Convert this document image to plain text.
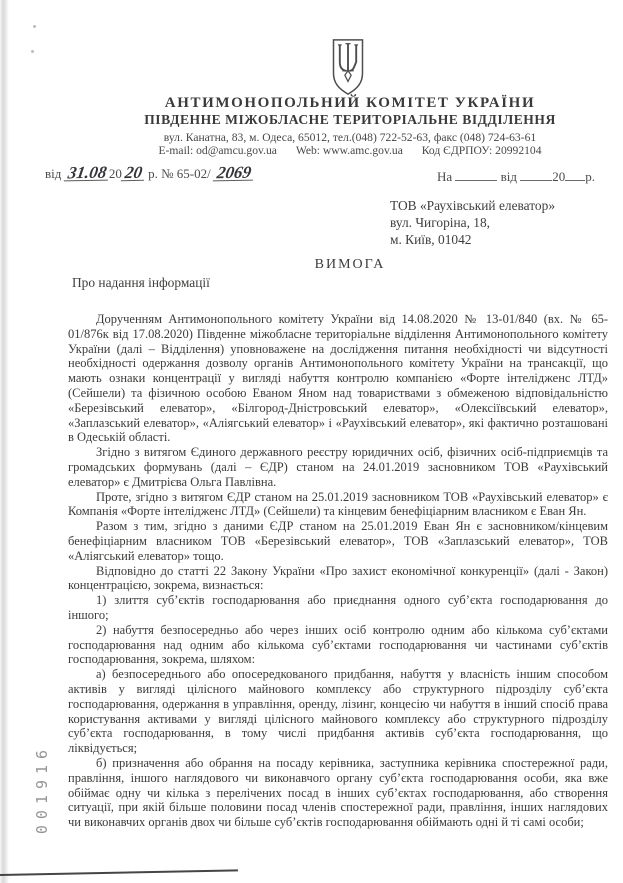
АНТИМОНОПОЛЬНИЙ КОМІТЕТ УКРАЇНИ
ПІВДЕННЕ МІЖОБЛАСНЕ ТЕРИТОРІАЛЬНЕ ВІДДІЛЕННЯ
вул. Канатна, 83, м. Одеса, 65012, тел.(048) 722-52-63, факс (048) 724-63-61
E-mail: od@amcu.gov.ua Web: www.amc.gov.ua Код ЄДРПОУ: 20992104
від 31.082020 р. № 65-02/ 2069	На	від	20 р.
ТОВ «Раухівський елеватор»
вул. Чигоріна, 18,
м. Київ, 01042
ВИМОГА
Про надання інформації

Дорученням Антимонопольного комітету України від 14.08.2020 № 13-01/840 (вх. № 65-01/876к від 17.08.2020) Південне міжобласне територіальне відділення Антимонопольного комітету України (далі – Відділення) уповноважене на дослідження питання необхідності чи відсутності необхідності одержання дозволу органів Антимонопольного комітету України на трансакції, що мають ознаки концентрації у вигляді набуття контролю компанією «Форте інтелідженс ЛТД» (Сейшели) та фізичною особою Еваном Яном над товариствами з обмеженою відповідальністю «Березівський елеватор», «Білгород-Дністровський елеватор», «Олексіївський елеватор», «Заплазський елеватор», «Аліягський елеватор» і «Раухівський елеватор», які фактично розташовані в Одеській області.

Згідно з витягом Єдиного державного реєстру юридичних осіб, фізичних осіб-підприємців та громадських формувань (далі – ЄДР) станом на 24.01.2019 засновником ТОВ «Раухівський елеватор» є Дмитрієва Ольга Павлівна.

Проте, згідно з витягом ЄДР станом на 25.01.2019 засновником ТОВ «Раухівський елеватор» є Компанія «Форте інтелідженс ЛТД» (Сейшели) та кінцевим бенефіціарним власником є Еван Ян.

Разом з тим, згідно з даними ЄДР станом на 25.01.2019 Еван Ян є засновником/кінцевим бенефіціарним власником ТОВ «Березівський елеватор», ТОВ «Заплазський елеватор», ТОВ «Аліягський елеватор» тощо.

Відповідно до статті 22 Закону України «Про захист економічної конкуренції» (далі - Закон) концентрацією, зокрема, визнається:

1) злиття суб’єктів господарювання або приєднання одного суб’єкта господарювання до іншого;

2) набуття безпосередньо або через інших осіб контролю одним або кількома суб’єктами господарювання над одним або кількома суб’єктами господарювання чи частинами суб’єктів господарювання, зокрема, шляхом:

а) безпосереднього або опосередкованого придбання, набуття у власність іншим способом активів у вигляді цілісного майнового комплексу або структурного підрозділу суб’єкта господарювання, одержання в управління, оренду, лізинг, концесію чи набуття в інший спосіб права користування активами у вигляді цілісного майнового комплексу або структурного підрозділу суб’єкта господарювання, в тому числі придбання активів суб’єкта господарювання, що ліквідується;

б) призначення або обрання на посаду керівника, заступника керівника спостережної ради, правління, іншого наглядового чи виконавчого органу суб’єкта господарювання особи, яка вже обіймає одну чи кілька з перелічених посад в інших суб’єктах господарювання, або створення ситуації, при якій більше половини посад членів спостережної ради, правління, інших наглядових чи виконавчих органів двох чи більше суб’єктів господарювання обіймають одні й ті самі особи;

001916
